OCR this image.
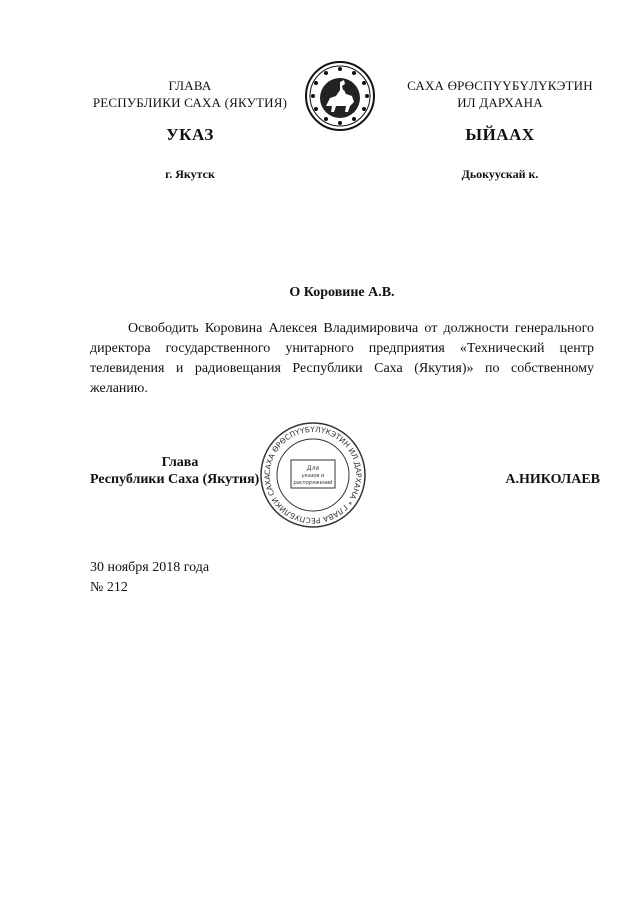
ГЛАВА
РЕСПУБЛИКИ САХА (ЯКУТИЯ)
САХА ӨРӨСПҮҮБҮЛҮКЭТИН
ИЛ ДАРХАНА
УКАЗ	ЫЙААХ
г. Якутск	Дьокуускай к.
О Коровине А.В.
Освободить Коровина Алексея Владимировича от должности генерального директора государственного унитарного предприятия «Технический центр телевидения и радиовещания Республики Саха (Якутия)» по собственному желанию.
САХА ӨРӨСПҮҮБҮЛҮКЭТИН ИЛ ДАРХАНА * ГЛАВА РЕСПУБЛИКИ САХА
Для
указов и
распоряжений
Глава
Республики Саха (Якутия)	А.НИКОЛАЕВ
30 ноября 2018 года
№ 212
